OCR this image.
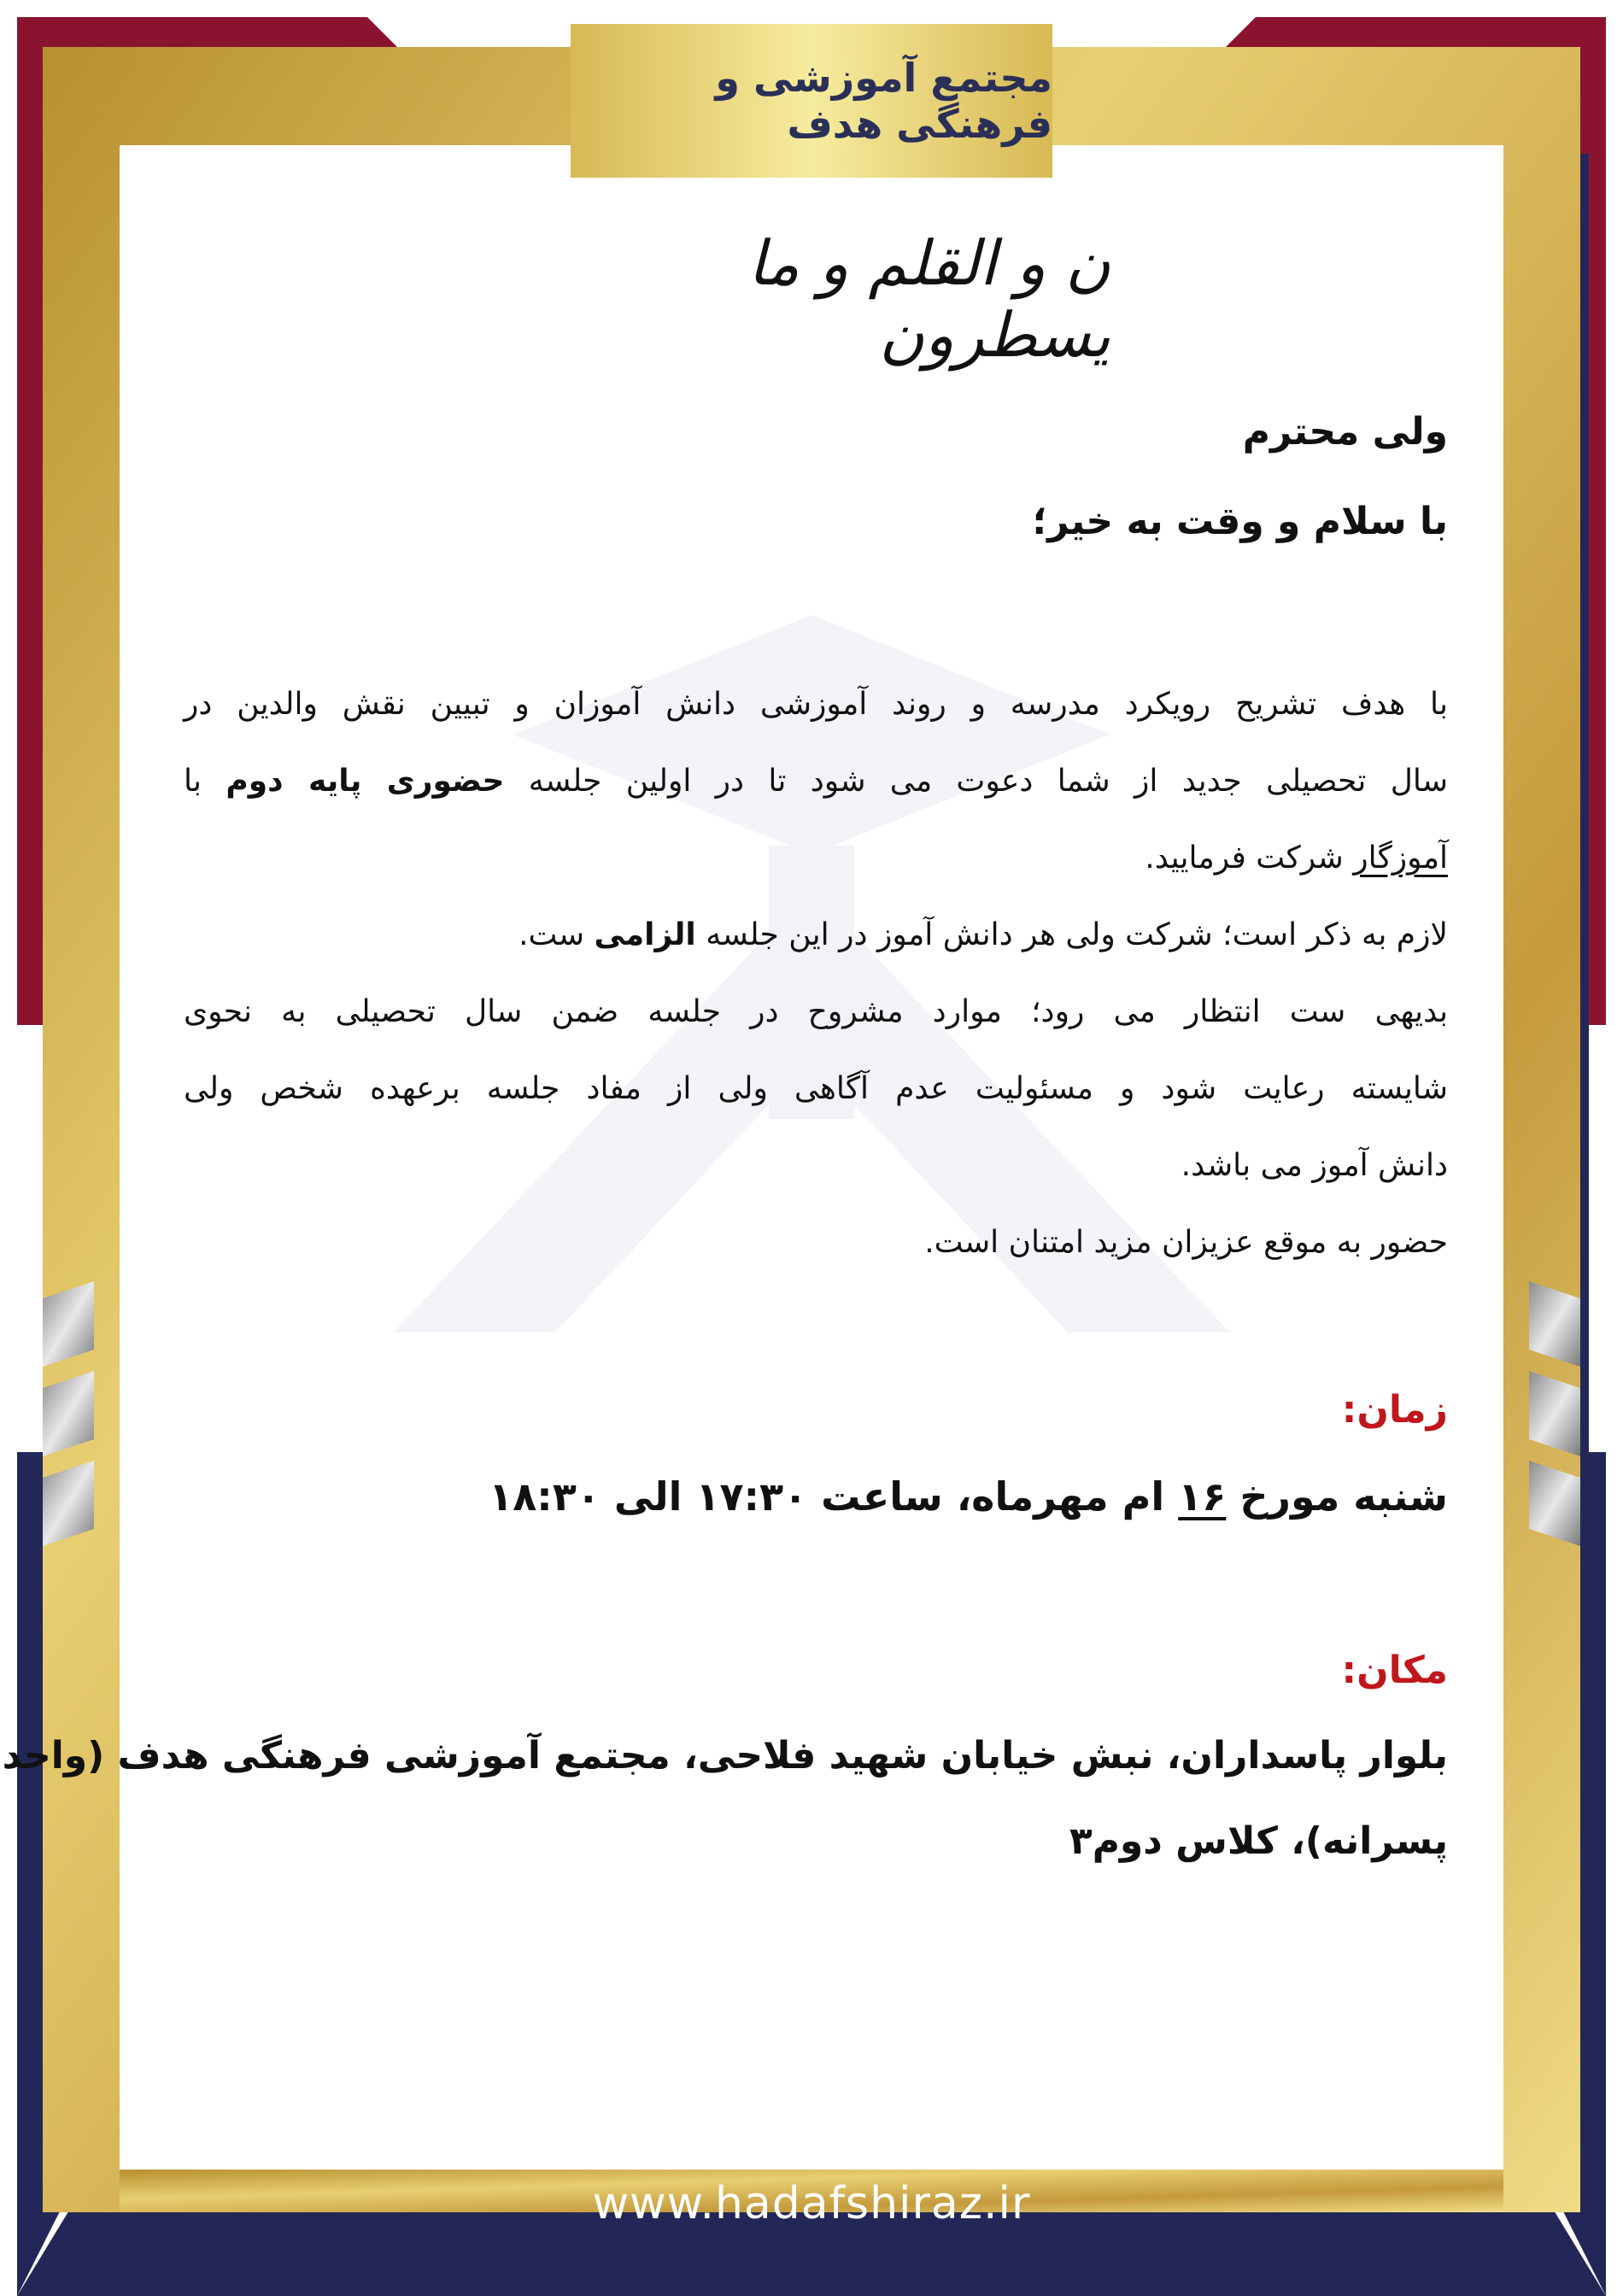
مجتمع آموزشی و فرهنگی هدف
ن و القلم و ما یسطرون
ولی محترم
با سلام و وقت به خیر؛
با هدف تشریح رویکرد مدرسه و روند آموزشی دانش آموزان و تبیین نقش والدین در
سال تحصیلی جدید از شما دعوت می شود تا در اولین جلسه حضوری پایه دوم با
آموزگار شرکت فرمایید.
لازم به ذکر است؛ شرکت ولی هر دانش آموز در این جلسه الزامی ست.
بدیهی ست انتظار می رود؛ موارد مشروح در جلسه ضمن سال تحصیلی به نحوی
شایسته رعایت شود و مسئولیت عدم آگاهی ولی از مفاد جلسه برعهده شخص ولی
دانش آموز می باشد.
حضور به موقع عزیزان مزید امتنان است.
زمان:
شنبه مورخ ۱۶ ام مهرماه، ساعت ۱۷:۳۰ الی ۱۸:۳۰
مکان:
بلوار پاسداران، نبش خیابان شهید فلاحی، مجتمع آموزشی فرهنگی هدف (واحد
پسرانه)، کلاس دوم۳
www.hadafshiraz.ir
